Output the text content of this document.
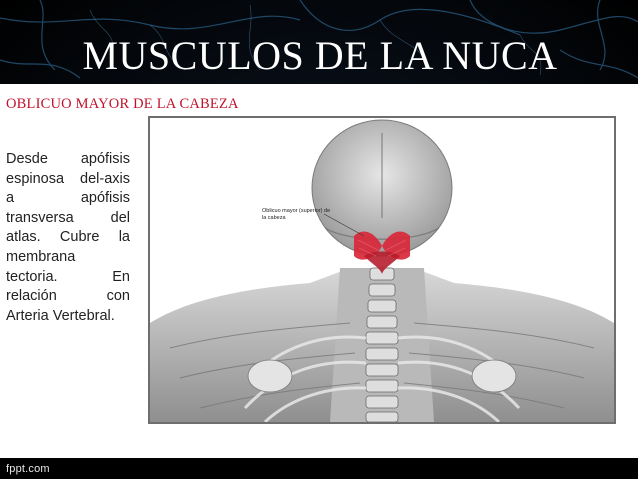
MUSCULOS DE LA NUCA
OBLICUO MAYOR DE LA CABEZA

Desde apófisis espinosa del-axis a apófisis transversa del atlas. Cubre la membrana tectoria. En relación con Arteria Vertebral.

Oblicuo mayor (superior) de la cabeza
fppt.com
